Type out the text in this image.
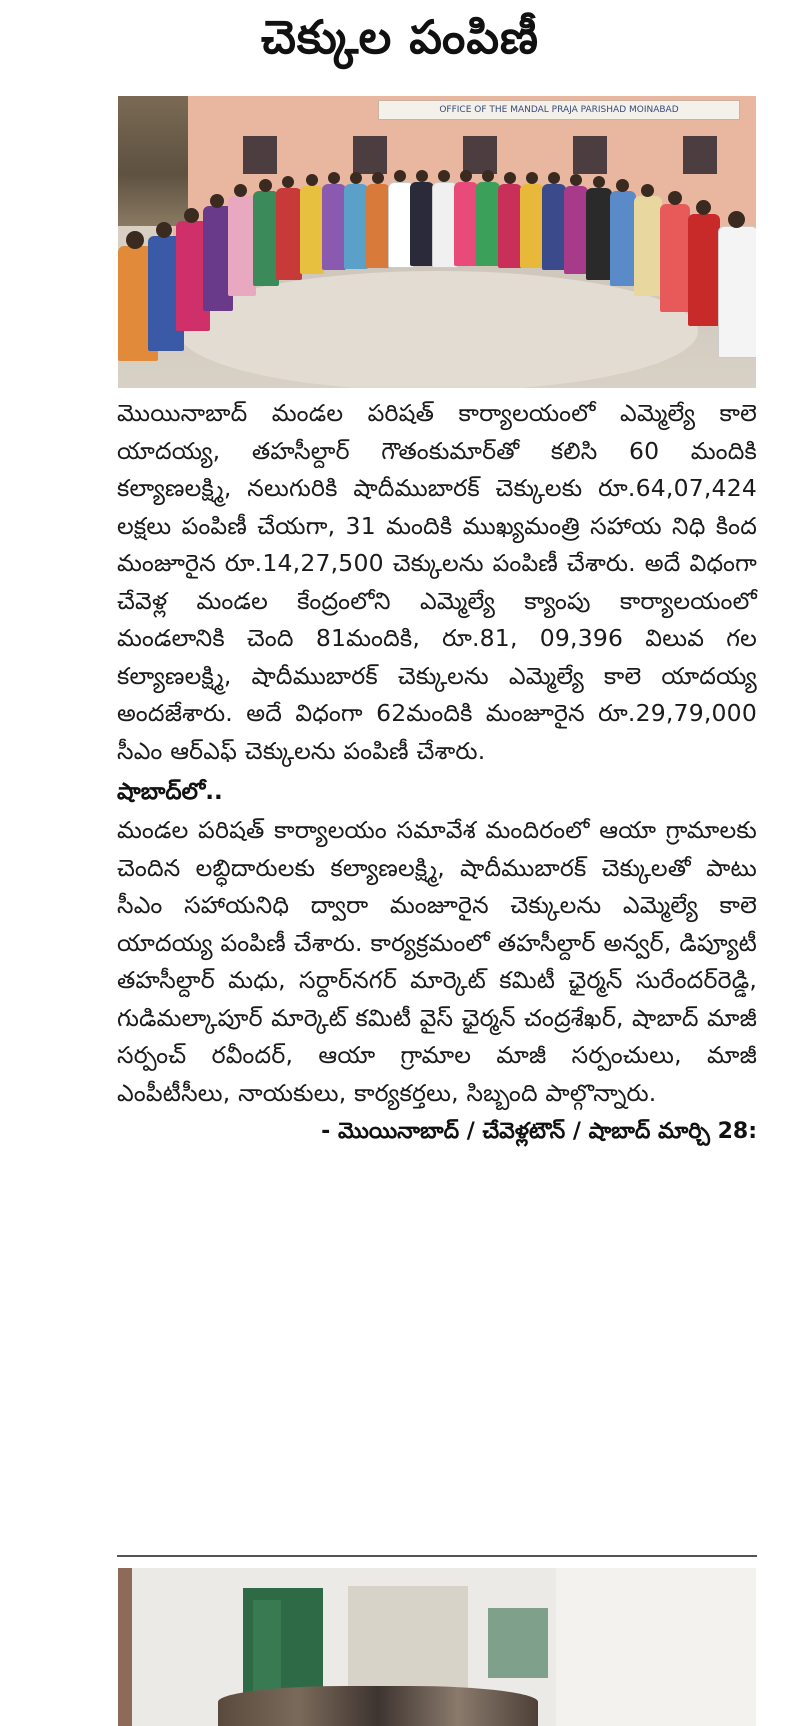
చెక్కుల పంపిణీ
OFFICE OF THE MANDAL PRAJA PARISHAD MOINABAD

మొయినాబాద్ మండల పరిషత్ కార్యాలయంలో ఎమ్మెల్యే కాలె యాదయ్య, తహసీల్దార్ గౌతంకుమార్‌తో కలిసి 60 మందికి కల్యాణలక్ష్మి, నలుగురికి షాదీముబారక్ చెక్కులకు రూ.64,07,424 లక్షలు పంపిణీ చేయగా, 31 మందికి ముఖ్యమంత్రి సహాయ నిధి కింద మంజూరైన రూ.14,27,500 చెక్కులను పంపిణీ చేశారు. అదే విధంగా చేవెళ్ల మండల కేంద్రంలోని ఎమ్మెల్యే క్యాంపు కార్యాలయంలో మండలానికి చెంది 81మందికి, రూ.81, 09,396 విలువ గల కల్యాణలక్ష్మి, షాదీముబారక్ చెక్కులను ఎమ్మెల్యే కాలె యాదయ్య అందజేశారు. అదే విధంగా 62మందికి మంజూరైన రూ.29,79,000 సీఎం ఆర్ఎఫ్ చెక్కులను పంపిణీ చేశారు.

షాబాద్‌లో..

మండల పరిషత్ కార్యాలయం సమావేశ మందిరంలో ఆయా గ్రామాలకు చెందిన లబ్ధిదారులకు కల్యాణలక్ష్మి, షాదీముబారక్ చెక్కులతో పాటు సీఎం సహాయనిధి ద్వారా మంజూరైన చెక్కులను ఎమ్మెల్యే కాలె యాదయ్య పంపిణీ చేశారు. కార్యక్రమంలో తహసీల్దార్ అన్వర్, డిప్యూటీ తహసీల్దార్ మధు, సర్దార్‌నగర్ మార్కెట్ కమిటీ ఛైర్మన్ సురేందర్‌రెడ్డి, గుడిమల్కాపూర్ మార్కెట్ కమిటీ వైస్ ఛైర్మన్ చంద్రశేఖర్, షాబాద్ మాజీ సర్పంచ్ రవీందర్, ఆయా గ్రామాల మాజీ సర్పంచులు, మాజీ ఎంపీటీసీలు, నాయకులు, కార్యకర్తలు, సిబ్బంది పాల్గొన్నారు.

- మొయినాబాద్ / చేవెళ్లటౌన్ / షాబాద్ మార్చి 28:
